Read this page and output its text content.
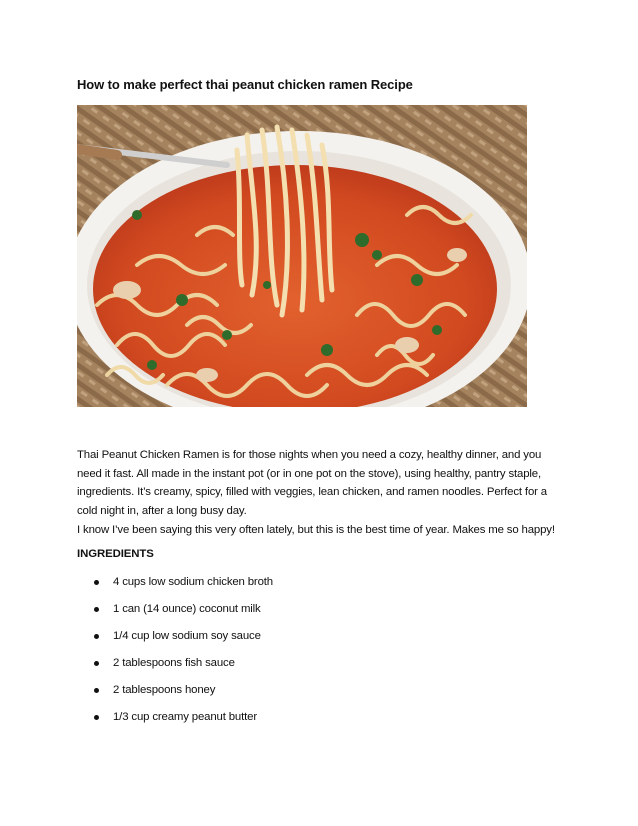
How to make perfect thai peanut chicken ramen Recipe
Thai Peanut Chicken Ramen is for those nights when you need a cozy, healthy dinner, and you need it fast. All made in the instant pot (or in one pot on the stove), using healthy, pantry staple, ingredients. It’s creamy, spicy, filled with veggies, lean chicken, and ramen noodles. Perfect for a cold night in, after a long busy day.
I know I’ve been saying this very often lately, but this is the best time of year. Makes me so happy!
INGREDIENTS
4 cups low sodium chicken broth
1 can (14 ounce) coconut milk
1/4 cup low sodium soy sauce
2 tablespoons fish sauce
2 tablespoons honey
1/3 cup creamy peanut butter
